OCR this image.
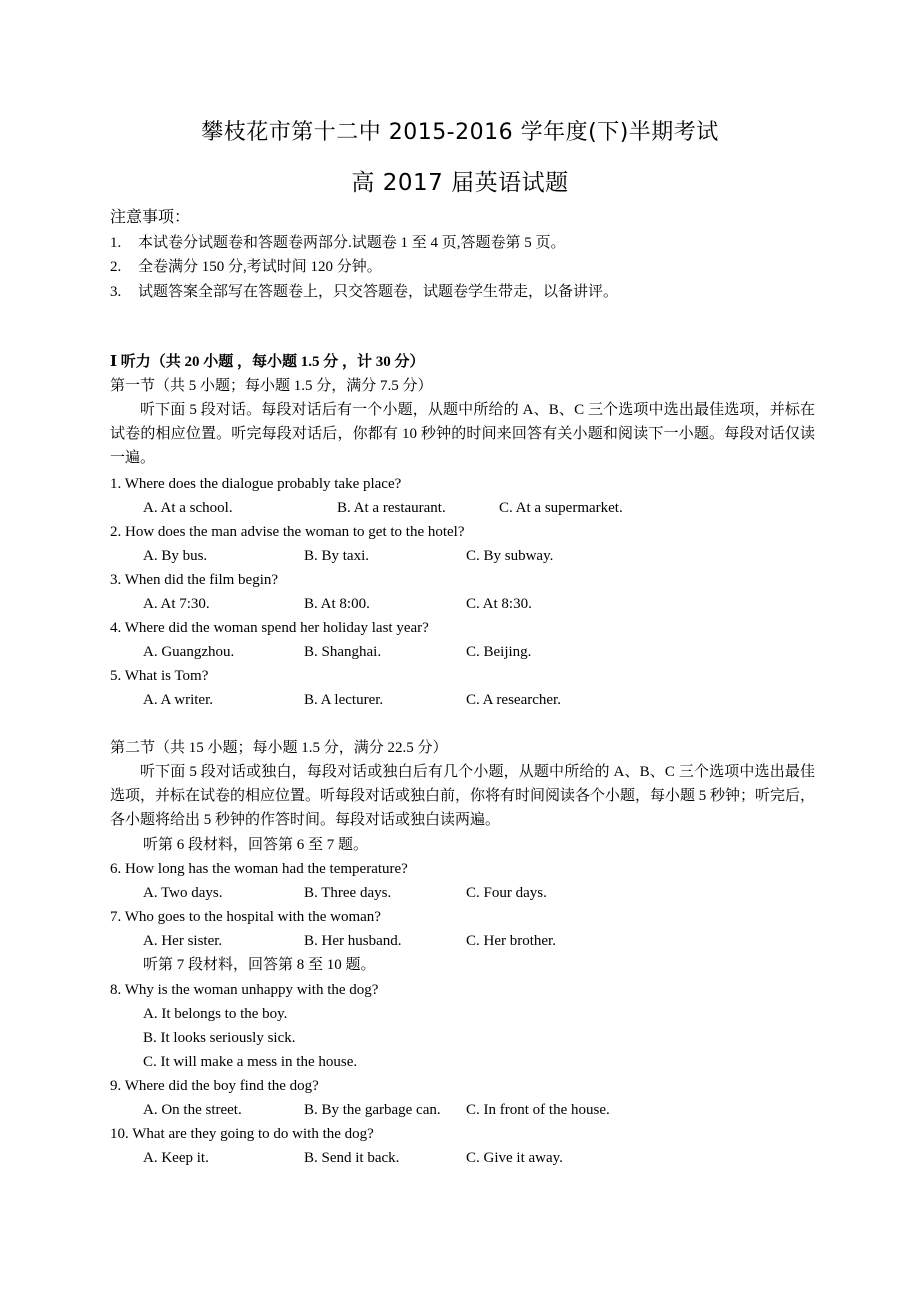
攀枝花市第十二中 2015-2016 学年度(下)半期考试
高 2017 届英语试题
注意事项：
1. 本试卷分试题卷和答题卷两部分.试题卷 1 至 4 页,答题卷第 5 页。
2. 全卷满分 150 分,考试时间 120 分钟。
3. 试题答案全部写在答题卷上，只交答题卷，试题卷学生带走，以备讲评。
Ⅰ 听力（共 20 小题 ，每小题 1.5 分 ，计 30 分）
第一节（共 5 小题；每小题 1.5 分，满分 7.5 分）
听下面 5 段对话。每段对话后有一个小题，从题中所给的 A、B、C 三个选项中选出最佳选项，并标在试卷的相应位置。听完每段对话后，你都有 10 秒钟的时间来回答有关小题和阅读下一小题。每段对话仅读一遍。
1. Where does the dialogue probably take place?
A. At a school.	B. At a restaurant.	C. At a supermarket.
2. How does the man advise the woman to get to the hotel?
A. By bus.	B. By taxi.	C. By subway.
3. When did the film begin?
A. At 7:30.	B. At 8:00.	C. At 8:30.
4. Where did the woman spend her holiday last year?
A. Guangzhou.	B. Shanghai.	C. Beijing.
5. What is Tom?
A. A writer.	B. A lecturer.	C. A researcher.
第二节（共 15 小题；每小题 1.5 分，满分 22.5 分）
听下面 5 段对话或独白，每段对话或独白后有几个小题，从题中所给的 A、B、C 三个选项中选出最佳选项，并标在试卷的相应位置。听每段对话或独白前，你将有时间阅读各个小题，每小题 5 秒钟；听完后，各小题将给出 5 秒钟的作答时间。每段对话或独白读两遍。
听第 6 段材料，回答第 6 至 7 题。
6. How long has the woman had the temperature?
A. Two days.	B. Three days.	C. Four days.
7. Who goes to the hospital with the woman?
A. Her sister.	B. Her husband.	C. Her brother.
听第 7 段材料，回答第 8 至 10 题。
8. Why is the woman unhappy with the dog?
A. It belongs to the boy.
B. It looks seriously sick.
C. It will make a mess in the house.
9. Where did the boy find the dog?
A. On the street.	B. By the garbage can. C. In front of the house.
10. What are they going to do with the dog?
A. Keep it.	B. Send it back.	C. Give it away.
